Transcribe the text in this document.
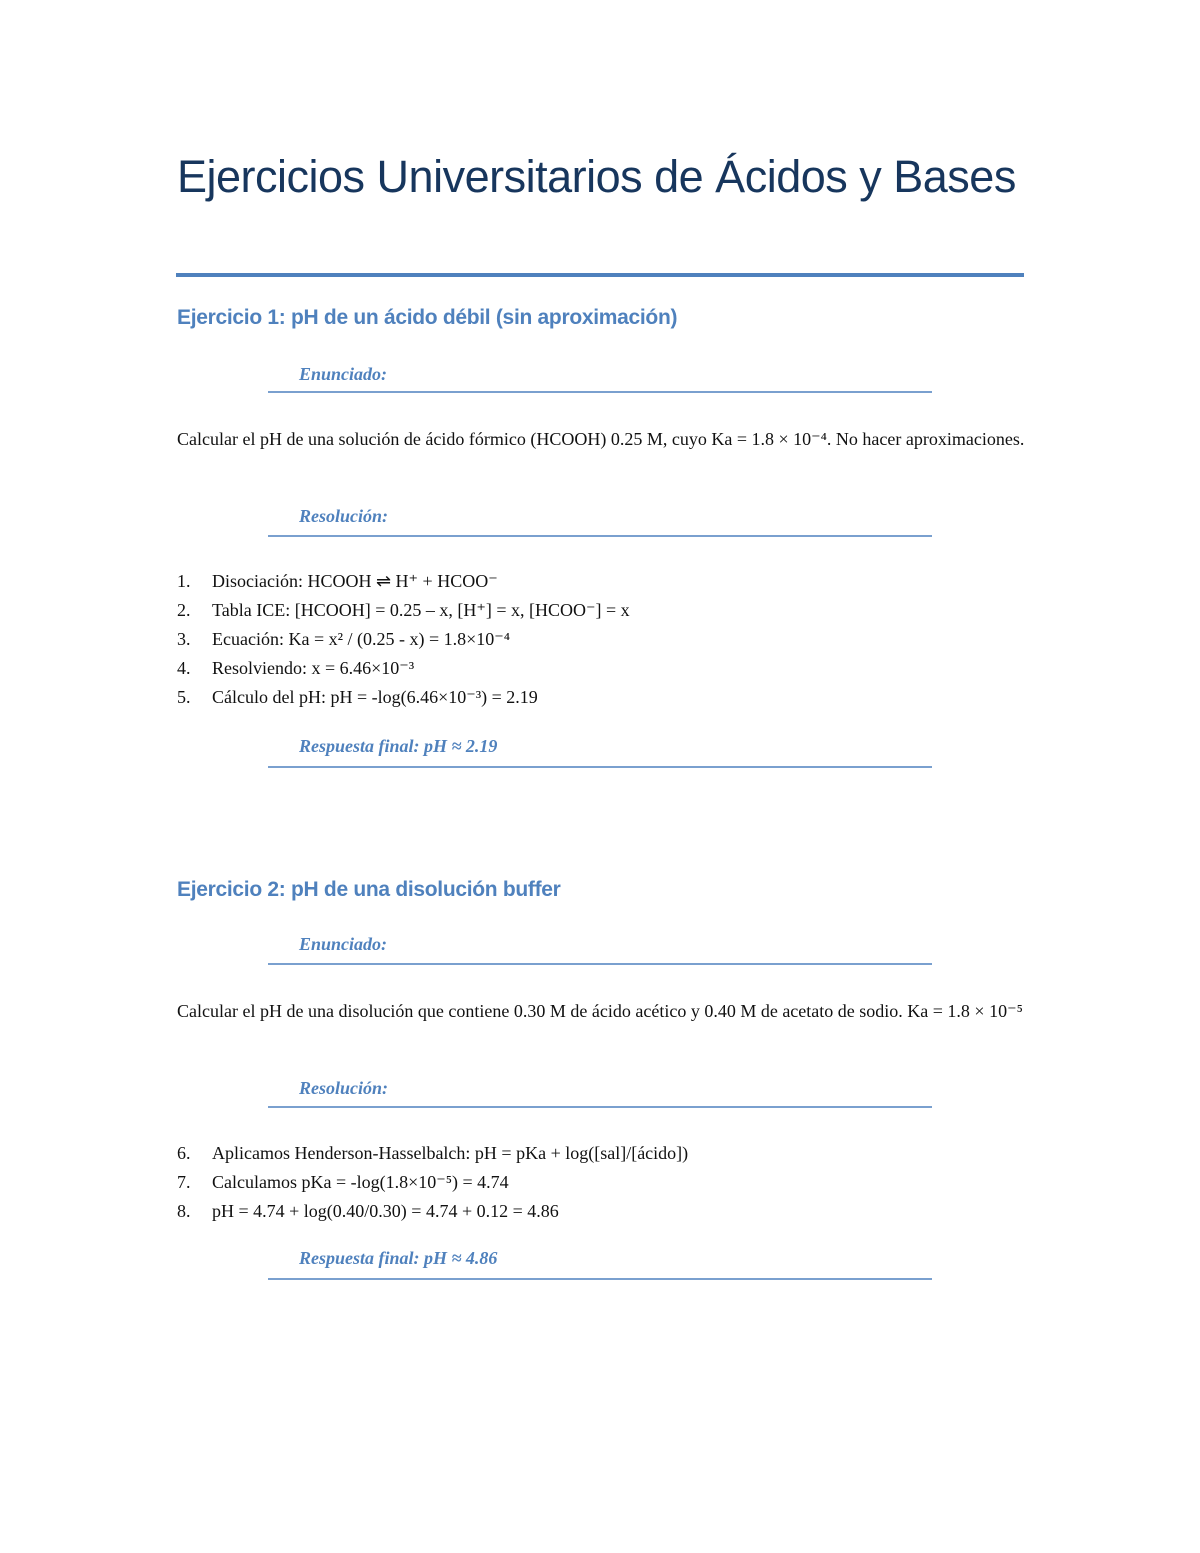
Ejercicios Universitarios de Ácidos y Bases
Ejercicio 1: pH de un ácido débil (sin aproximación)

Enunciado:

Calcular el pH de una solución de ácido fórmico (HCOOH) 0.25 M, cuyo Ka = 1.8 × 10⁻⁴. No hacer aproximaciones.

Resolución:

1. Disociación: HCOOH ⇌ H⁺ + HCOO⁻
2. Tabla ICE: [HCOOH] = 0.25 – x, [H⁺] = x, [HCOO⁻] = x
3. Ecuación: Ka = x² / (0.25 - x) = 1.8×10⁻⁴
4. Resolviendo: x = 6.46×10⁻³
5. Cálculo del pH: pH = -log(6.46×10⁻³) = 2.19

Respuesta final: pH ≈ 2.19

Ejercicio 2: pH de una disolución buffer

Enunciado:

Calcular el pH de una disolución que contiene 0.30 M de ácido acético y 0.40 M de acetato de sodio. Ka = 1.8 × 10⁻⁵

Resolución:

6. Aplicamos Henderson-Hasselbalch: pH = pKa + log([sal]/[ácido])
7. Calculamos pKa = -log(1.8×10⁻⁵) = 4.74
8. pH = 4.74 + log(0.40/0.30) = 4.74 + 0.12 = 4.86

Respuesta final: pH ≈ 4.86
